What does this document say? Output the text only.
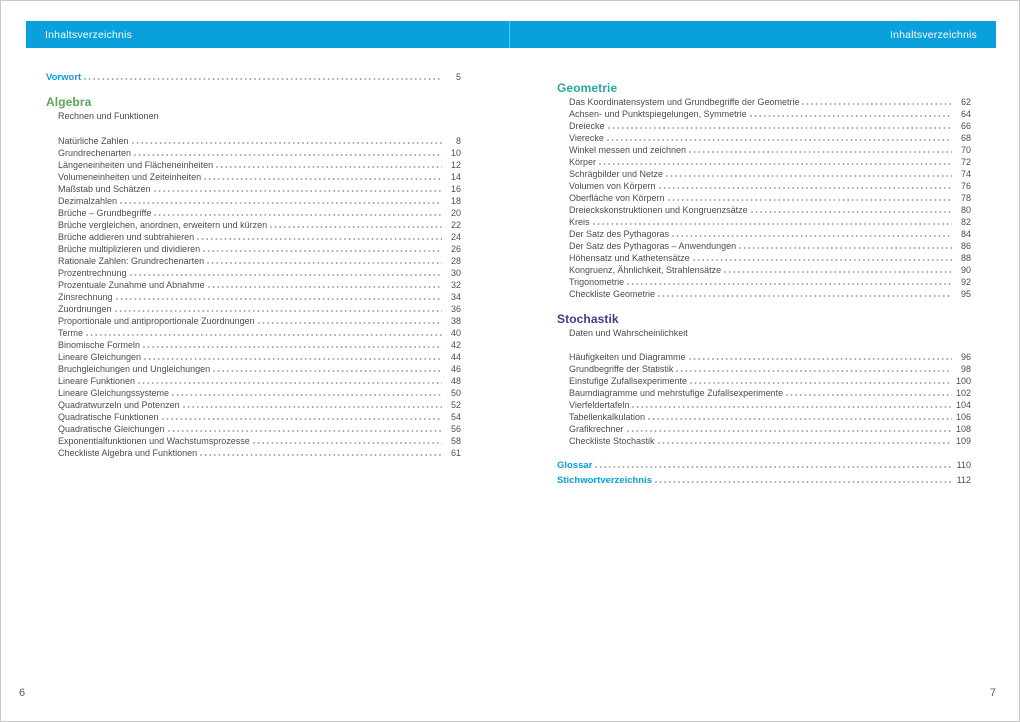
Inhaltsverzeichnis	Inhaltsverzeichnis
Vorwort	5
Algebra
Rechnen und Funktionen
Natürliche Zahlen	8
Grundrechenarten	10
Längeneinheiten und Flächeneinheiten	12
Volumeneinheiten und Zeiteinheiten	14
Maßstab und Schätzen	16
Dezimalzahlen	18
Brüche – Grundbegriffe	20
Brüche vergleichen, anordnen, erweitern und kürzen	22
Brüche addieren und subtrahieren	24
Brüche multiplizieren und dividieren	26
Rationale Zahlen: Grundrechenarten	28
Prozentrechnung	30
Prozentuale Zunahme und Abnahme	32
Zinsrechnung	34
Zuordnungen	36
Proportionale und antiproportionale Zuordnungen	38
Terme	40
Binomische Formeln	42
Lineare Gleichungen	44
Bruchgleichungen und Ungleichungen	46
Lineare Funktionen	48
Lineare Gleichungssysteme	50
Quadratwurzeln und Potenzen	52
Quadratische Funktionen	54
Quadratische Gleichungen	56
Exponentialfunktionen und Wachstumsprozesse	58
Checkliste Algebra und Funktionen	61
Geometrie
Das Koordinatensystem und Grundbegriffe der Geometrie	62
Achsen- und Punktspiegelungen, Symmetrie	64
Dreiecke	66
Vierecke	68
Winkel messen und zeichnen	70
Körper	72
Schrägbilder und Netze	74
Volumen von Körpern	76
Oberfläche von Körpern	78
Dreieckskonstruktionen und Kongruenzsätze	80
Kreis	82
Der Satz des Pythagoras	84
Der Satz des Pythagoras – Anwendungen	86
Höhensatz und Kathetensätze	88
Kongruenz, Ähnlichkeit, Strahlensätze	90
Trigonometrie	92
Checkliste Geometrie	95
Stochastik
Daten und Wahrscheinlichkeit
Häufigkeiten und Diagramme	96
Grundbegriffe der Statistik	98
Einstufige Zufallsexperimente	100
Baumdiagramme und mehrstufige Zufallsexperimente	102
Vierfeldertafeln	104
Tabellenkalkulation	106
Grafikrechner	108
Checkliste Stochastik	109
Glossar	110
Stichwortverzeichnis	112
6	7
